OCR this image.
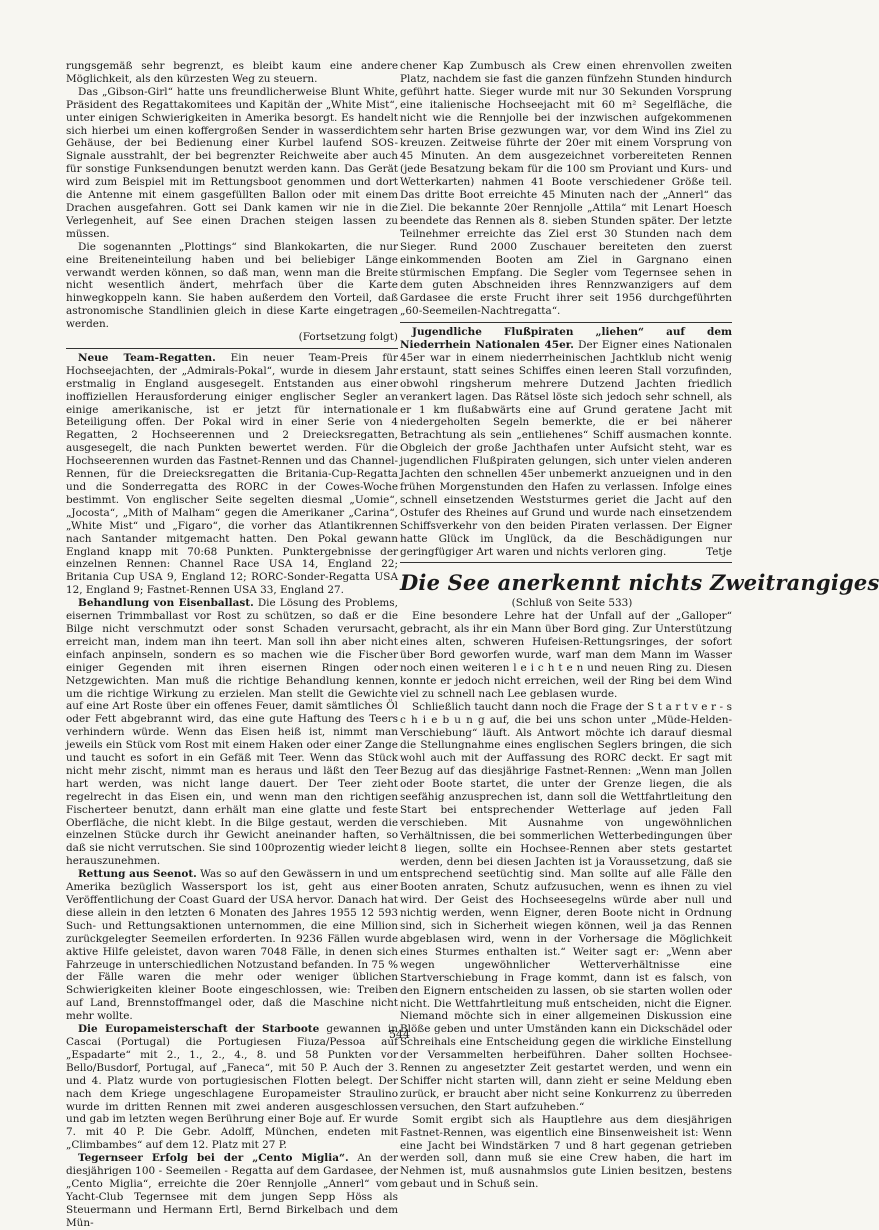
rungsgemäß sehr begrenzt, es bleibt kaum eine andere Möglichkeit, als den kürzesten Weg zu steuern.

Das „Gibson-Girl“ hatte uns freundlicherweise Blunt White, Präsident des Regattakomitees und Kapitän der „White Mist“, unter einigen Schwierigkeiten in Amerika besorgt. Es handelt sich hierbei um einen koffergroßen Sender in wasserdichtem Gehäuse, der bei Bedienung einer Kurbel laufend SOS-Signale ausstrahlt, der bei begrenzter Reichweite aber auch für sonstige Funksendungen benutzt werden kann. Das Gerät wird zum Beispiel mit im Rettungsboot genommen und dort die Antenne mit einem gasgefüllten Ballon oder mit einem Drachen ausgefahren. Gott sei Dank kamen wir nie in die Verlegenheit, auf See einen Drachen steigen lassen zu müssen.

Die sogenannten „Plottings“ sind Blankokarten, die nur eine Breiteneinteilung haben und bei beliebiger Länge verwandt werden können, so daß man, wenn man die Breite nicht wesentlich ändert, mehrfach über die Karte hinwegkoppeln kann. Sie haben außerdem den Vorteil, daß astronomische Standlinien gleich in diese Karte eingetragen werden.

(Fortsetzung folgt)

Neue Team-Regatten. Ein neuer Team-Preis für Hochseejachten, der „Admirals-Pokal“, wurde in diesem Jahr erstmalig in England ausgesegelt. Entstanden aus einer inoffiziellen Herausforderung einiger englischer Segler an einige amerikanische, ist er jetzt für internationale Beteiligung offen. Der Pokal wird in einer Serie von 4 Regatten, 2 Hochseerennen und 2 Dreiecksregatten, ausgesegelt, die nach Punkten bewertet werden. Für die Hochseerennen wurden das Fastnet-Rennen und das Channel-Rennen, für die Dreiecksregatten die Britania-Cup-Regatta und die Sonderregatta des RORC in der Cowes-Woche bestimmt. Von englischer Seite segelten diesmal „Uomie“, „Jocosta“, „Mith of Malham“ gegen die Amerikaner „Carina“, „White Mist“ und „Figaro“, die vorher das Atlantikrennen nach Santander mitgemacht hatten. Den Pokal gewann England knapp mit 70:68 Punkten. Punktergebnisse der einzelnen Rennen: Channel Race USA 14, England 22; Britania Cup USA 9, England 12; RORC-Sonder-Regatta USA 12, England 9; Fastnet-Rennen USA 33, England 27.

Behandlung von Eisenballast. Die Lösung des Problems, eisernen Trimmballast vor Rost zu schützen, so daß er die Bilge nicht verschmutzt oder sonst Schaden verursacht, erreicht man, indem man ihn teert. Man soll ihn aber nicht einfach anpinseln, sondern es so machen wie die Fischer einiger Gegenden mit ihren eisernen Ringen oder Netzgewichten. Man muß die richtige Behandlung kennen, um die richtige Wirkung zu erzielen. Man stellt die Gewichte auf eine Art Roste über ein offenes Feuer, damit sämtliches Öl oder Fett abgebrannt wird, das eine gute Haftung des Teers verhindern würde. Wenn das Eisen heiß ist, nimmt man jeweils ein Stück vom Rost mit einem Haken oder einer Zange und taucht es sofort in ein Gefäß mit Teer. Wenn das Stück nicht mehr zischt, nimmt man es heraus und läßt den Teer hart werden, was nicht lange dauert. Der Teer zieht regelrecht in das Eisen ein, und wenn man den richtigen Fischerteer benutzt, dann erhält man eine glatte und feste Oberfläche, die nicht klebt. In die Bilge gestaut, werden die einzelnen Stücke durch ihr Gewicht aneinander haften, so daß sie nicht verrutschen. Sie sind 100prozentig wieder leicht herauszunehmen.

Rettung aus Seenot. Was so auf den Gewässern in und um Amerika bezüglich Wassersport los ist, geht aus einer Veröffentlichung der Coast Guard der USA hervor. Danach hat diese allein in den letzten 6 Monaten des Jahres 1955 12 593 Such- und Rettungsaktionen unternommen, die eine Million zurückgelegter Seemeilen erforderten. In 9236 Fällen wurde aktive Hilfe geleistet, davon waren 7048 Fälle, in denen sich Fahrzeuge in unterschiedlichen Notzustand befanden. In 75 % der Fälle waren die mehr oder weniger üblichen Schwierigkeiten kleiner Boote eingeschlossen, wie: Treiben auf Land, Brennstoffmangel oder, daß die Maschine nicht mehr wollte.

Die Europameisterschaft der Starboote gewannen in Cascai (Portugal) die Portugiesen Fiuza/Pessoa auf „Espadarte“ mit 2., 1., 2., 4., 8. und 58 Punkten vor Bello/Busdorf, Portugal, auf „Faneca“, mit 50 P. Auch der 3. und 4. Platz wurde von portugiesischen Flotten belegt. Der nach dem Kriege ungeschlagene Europameister Straulino wurde im dritten Rennen mit zwei anderen ausgeschlossen und gab im letzten wegen Berührung einer Boje auf. Er wurde 7. mit 40 P. Die Gebr. Adolff, München, endeten mit „Climbambes“ auf dem 12. Platz mit 27 P.

Tegernseer Erfolg bei der „Cento Miglia“. An der diesjährigen 100 - Seemeilen - Regatta auf dem Gardasee, der „Cento Miglia“, erreichte die 20er Rennjolle „Annerl“ vom Yacht-Club Tegernsee mit dem jungen Sepp Höss als Steuermann und Hermann Ertl, Bernd Birkelbach und dem Mün-

chener Kap Zumbusch als Crew einen ehrenvollen zweiten Platz, nachdem sie fast die ganzen fünfzehn Stunden hindurch geführt hatte. Sieger wurde mit nur 30 Sekunden Vorsprung eine italienische Hochseejacht mit 60 m² Segelfläche, die nicht wie die Rennjolle bei der inzwischen aufgekommenen sehr harten Brise gezwungen war, vor dem Wind ins Ziel zu kreuzen. Zeitweise führte der 20er mit einem Vorsprung von 45 Minuten. An dem ausgezeichnet vorbereiteten Rennen (jede Besatzung bekam für die 100 sm Proviant und Kurs- und Wetterkarten) nahmen 41 Boote verschiedener Größe teil. Das dritte Boot erreichte 45 Minuten nach der „Annerl“ das Ziel. Die bekannte 20er Rennjolle „Attila“ mit Lenart Hoesch beendete das Rennen als 8. sieben Stunden später. Der letzte Teilnehmer erreichte das Ziel erst 30 Stunden nach dem Sieger. Rund 2000 Zuschauer bereiteten den zuerst einkommenden Booten am Ziel in Gargnano einen stürmischen Empfang. Die Segler vom Tegernsee sehen in dem guten Abschneiden ihres Rennzwanzigers auf dem Gardasee die erste Frucht ihrer seit 1956 durchgeführten „60-Seemeilen-Nachtregatta“.

Jugendliche Flußpiraten „liehen“ auf dem Niederrhein Nationalen 45er. Der Eigner eines Nationalen 45er war in einem niederrheinischen Jachtklub nicht wenig erstaunt, statt seines Schiffes einen leeren Stall vorzufinden, obwohl ringsherum mehrere Dutzend Jachten friedlich verankert lagen. Das Rätsel löste sich jedoch sehr schnell, als er 1 km flußabwärts eine auf Grund geratene Jacht mit niedergeholten Segeln bemerkte, die er bei näherer Betrachtung als sein „entliehenes“ Schiff ausmachen konnte. Obgleich der große Jachthafen unter Aufsicht steht, war es jugendlichen Flußpiraten gelungen, sich unter vielen anderen Jachten den schnellen 45er unbemerkt anzueignen und in den frühen Morgenstunden den Hafen zu verlassen. Infolge eines schnell einsetzenden Weststurmes geriet die Jacht auf den Ostufer des Rheines auf Grund und wurde nach einsetzendem Schiffsverkehr von den beiden Piraten verlassen. Der Eigner hatte Glück im Unglück, da die Beschädigungen nur geringfügiger Art waren und nichts verloren ging.	Tetje

Die See anerkennt nichts Zweitrangiges

(Schluß von Seite 533)

Eine besondere Lehre hat der Unfall auf der „Galloper“ gebracht, als ihr ein Mann über Bord ging. Zur Unterstützung eines alten, schweren Hufeisen-Rettungsringes, der sofort über Bord geworfen wurde, warf man dem Mann im Wasser noch einen weiteren l e i c h t e n und neuen Ring zu. Diesen konnte er jedoch nicht erreichen, weil der Ring bei dem Wind viel zu schnell nach Lee geblasen wurde.

Schließlich taucht dann noch die Frage der S t a r t v e r - s c h i e b u n g auf, die bei uns schon unter „Müde-Helden-Verschiebung“ läuft. Als Antwort möchte ich darauf diesmal die Stellungnahme eines englischen Seglers bringen, die sich wohl auch mit der Auffassung des RORC deckt. Er sagt mit Bezug auf das diesjährige Fastnet-Rennen: „Wenn man Jollen oder Boote startet, die unter der Grenze liegen, die als seefähig anzusprechen ist, dann soll die Wettfahrtleitung den Start bei entsprechender Wetterlage auf jeden Fall verschieben. Mit Ausnahme von ungewöhnlichen Verhältnissen, die bei sommerlichen Wetterbedingungen über 8 liegen, sollte ein Hochsee-Rennen aber stets gestartet werden, denn bei diesen Jachten ist ja Voraussetzung, daß sie entsprechend seetüchtig sind. Man sollte auf alle Fälle den Booten anraten, Schutz aufzusuchen, wenn es ihnen zu viel wird. Der Geist des Hochseesegelns würde aber null und nichtig werden, wenn Eigner, deren Boote nicht in Ordnung sind, sich in Sicherheit wiegen können, weil ja das Rennen abgeblasen wird, wenn in der Vorhersage die Möglichkeit eines Sturmes enthalten ist.“ Weiter sagt er: „Wenn aber wegen ungewöhnlicher Wetterverhältnisse eine Startverschiebung in Frage kommt, dann ist es falsch, von den Eignern entscheiden zu lassen, ob sie starten wollen oder nicht. Die Wettfahrtleitung muß entscheiden, nicht die Eigner. Niemand möchte sich in einer allgemeinen Diskussion eine Blöße geben und unter Umständen kann ein Dickschädel oder Schreihals eine Entscheidung gegen die wirkliche Einstellung der Versammelten herbeiführen. Daher sollten Hochsee-Rennen zu angesetzter Zeit gestartet werden, und wenn ein Schiffer nicht starten will, dann zieht er seine Meldung eben zurück, er braucht aber nicht seine Konkurrenz zu überreden versuchen, den Start aufzuheben.“

Somit ergibt sich als Hauptlehre aus dem diesjährigen Fastnet-Rennen, was eigentlich eine Binsenweisheit ist: Wenn eine Jacht bei Windstärken 7 und 8 hart gegenan getrieben werden soll, dann muß sie eine Crew haben, die hart im Nehmen ist, muß ausnahmslos gute Linien besitzen, bestens gebaut und in Schuß sein.

544
